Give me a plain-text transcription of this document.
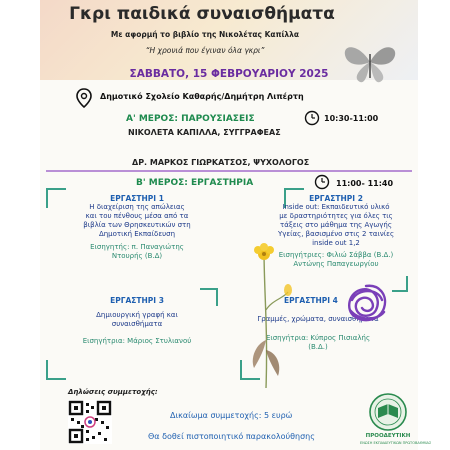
Γκρι παιδικά συναισθήματα
Με αφορμή το βιβλίο της Νικολέτας Καπίλλα
“Η χρονιά που έγιναν όλα γκρι”
ΣΑΒΒΑΤΟ, 15 ΦΕΒΡΟΥΑΡΙΟΥ 2025
Δημοτικό Σχολείο Καθαρής/Δημήτρη Λιπέρτη
Α' ΜΕΡΟΣ: ΠΑΡΟΥΣΙΑΣΕΙΣ	10:30-11:00
ΝΙΚΟΛΕΤΑ ΚΑΠΙΛΛΑ, ΣΥΓΓΡΑΦΕΑΣ
ΔΡ. ΜΑΡΚΟΣ ΓΙΩΡΚΑΤΣΟΣ, ΨΥΧΟΛΟΓΟΣ
Β' ΜΕΡΟΣ: ΕΡΓΑΣΤΗΡΙΑ	11:00- 11:40
ΕΡΓΑΣΤΗΡΙ 1
Η διαχείριση της απώλειας
και του πένθους μέσα από τα
βιβλία των Θρησκευτικών στη
Δημοτική Εκπαίδευση
Εισηγητής: π. Παναγιώτης
Ντουρής (Β.Δ)
ΕΡΓΑΣΤΗΡΙ 2
Inside out: Εκπαιδευτικό υλικό
με δραστηριότητες για όλες τις
τάξεις στο μάθημα της Αγωγής
Υγείας, βασισμένο στις 2 ταινίες
inside out 1,2
Εισηγήτριες: Φιλιώ Σάββα (Β.Δ.)
Αντώνης Παπαγεωργίου
ΕΡΓΑΣΤΗΡΙ 3
Δημιουργική γραφή και
συναισθήματα
Εισηγήτρια: Μάριος Στυλιανού
ΕΡΓΑΣΤΗΡΙ 4
Γραμμές, χρώματα, συναισθήματα
Εισηγήτρια: Κύπρος Πισιαλής
(Β.Δ.)
Δηλώσεις συμμετοχής:
Δικαίωμα συμμετοχής: 5 ευρώ
Θα δοθεί πιστοποιητικό παρακολούθησης	ΠΡΟΟΔΕΥΤΙΚΗ
ΕΝΩΣΗ ΕΚΠΑΙΔΕΥΤΙΚΩΝ ΠΡΩΤΟΒΑΘΜΙΑΣ
